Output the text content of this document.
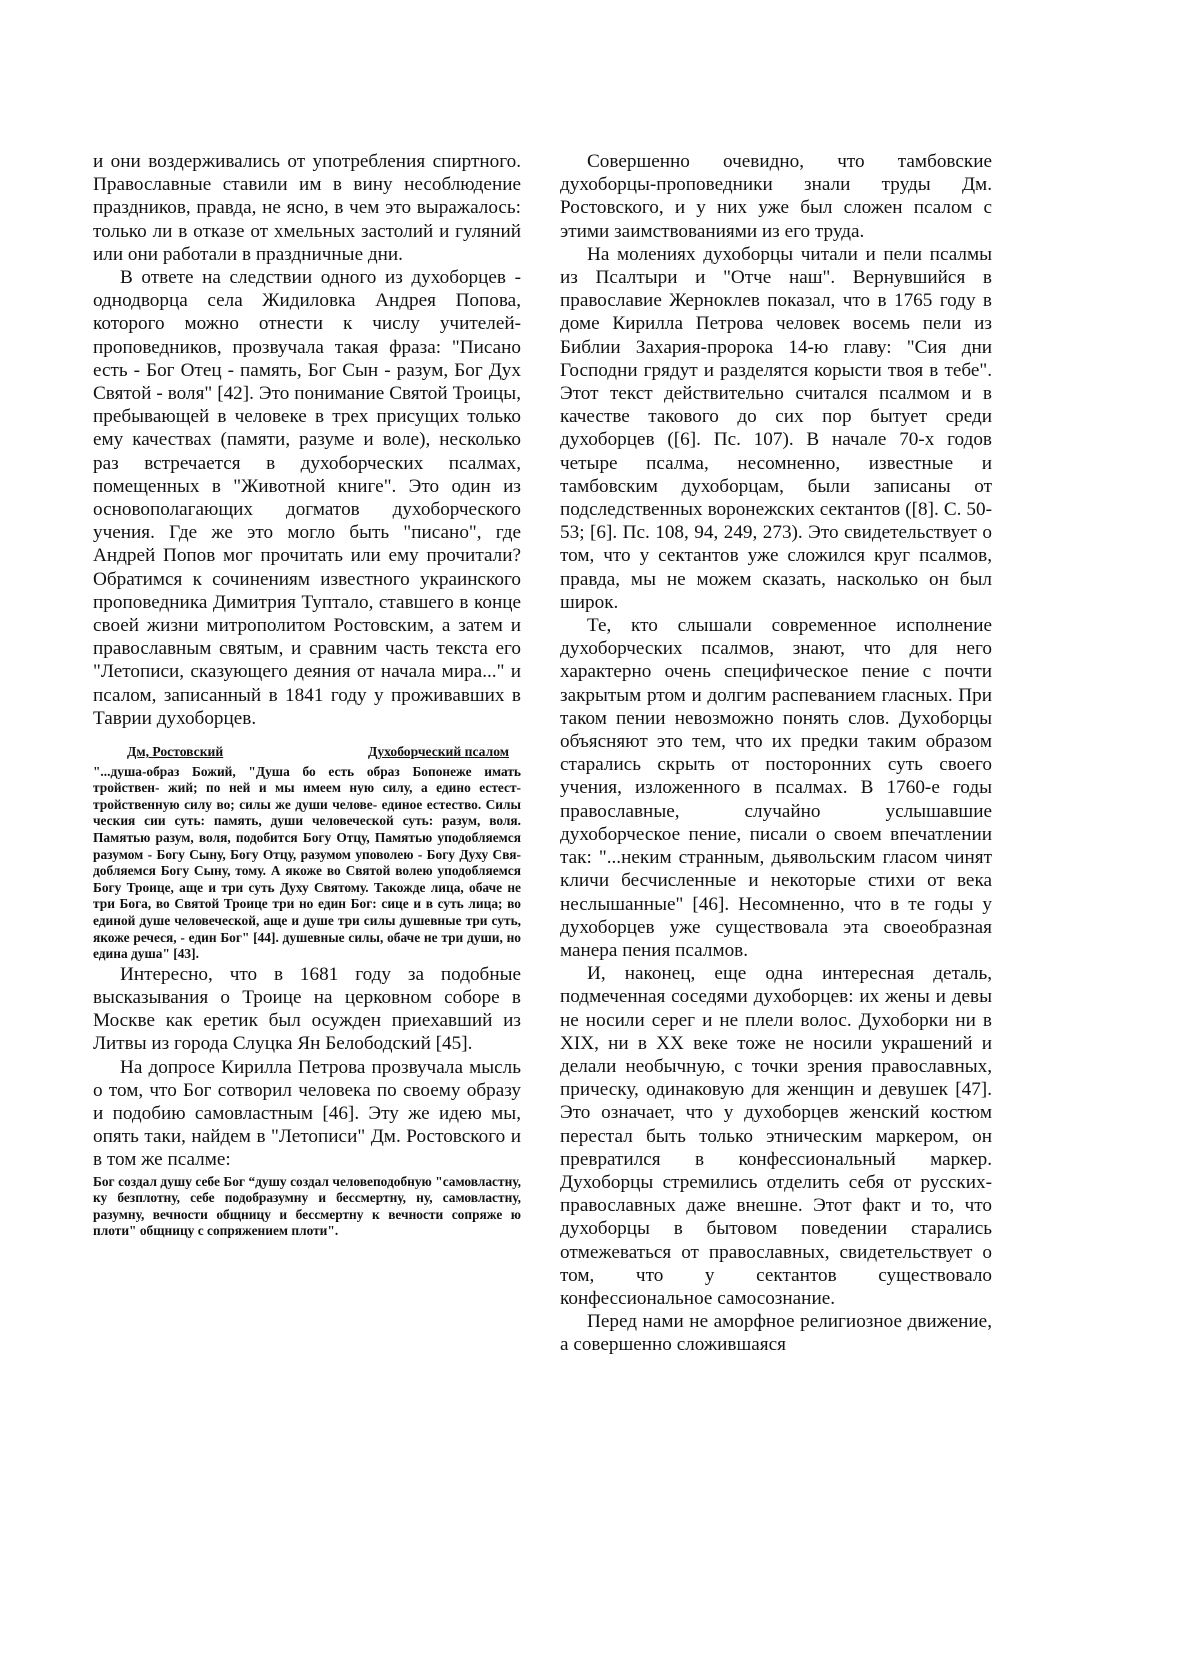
и они воздерживались от употребления спиртного. Православные ставили им в вину несоблюдение праздников, правда, не ясно, в чем это выражалось: только ли в отказе от хмельных застолий и гуляний или они работали в праздничные дни.

В ответе на следствии одного из духоборцев - однодворца села Жидиловка Андрея Попова, которого можно отнести к числу учителей-проповедников, прозвучала такая фраза: "Писано есть - Бог Отец - память, Бог Сын - разум, Бог Дух Святой - воля" [42]. Это понимание Святой Троицы, пребывающей в человеке в трех присущих только ему качествах (памяти, разуме и воле), несколько раз встречается в духоборческих псалмах, помещенных в "Животной книге". Это один из основополагающих догматов духоборческого учения. Где же это могло быть "писано", где Андрей Попов мог прочитать или ему прочитали? Обратимся к сочинениям известного украинского проповедника Димитрия Туптало, ставшего в конце своей жизни митрополитом Ростовским, а затем и православным святым, и сравним часть текста его "Летописи, сказующего деяния от начала мира..." и псалом, записанный в 1841 году у проживавших в Таврии духоборцев.

Дм, Ростовский	Духоборческий псалом
"...душа-образ Божий, "Душа бо есть образ Бопонеже имать тройствен- жий; по ней и мы имеем ную силу, а едино естест- тройственную силу во; силы же души челове- единое естество. Силы ческия сии суть: память, души человеческой суть: разум, воля. Памятью разум, воля, подобится Богу Отцу, Памятью уподобляемся разумом - Богу Сыну, Богу Отцу, разумом уповолею - Богу Духу Свя- добляемся Богу Сыну, тому. А якоже во Святой волею уподобляемся Богу Троице, аще и три суть Духу Святому. Такожде лица, обаче не три Бога, во Святой Троице три но един Бог: сице и в суть лица; во единой душе человеческой, аще и душе три силы душевные три суть, якоже речеся, - един Бог" [44]. душевные силы, обаче не три души, но едина душа" [43].

Интересно, что в 1681 году за подобные высказывания о Троице на церковном соборе в Москве как еретик был осужден приехавший из Литвы из города Слуцка Ян Белободский [45].

На допросе Кирилла Петрова прозвучала мысль о том, что Бог сотворил человека по своему образу и подобию самовластным [46]. Эту же идею мы, опять таки, найдем в "Летописи" Дм. Ростовского и в том же псалме:

Бог создал душу себе Бог “душу создал человеподобную "самовластну, ку безплотну, себе подобразумну и бессмертну, ну, самовластну, разумну, вечности общницу и бессмертну к вечности сопряже ю плоти" общницу с сопряжением плоти".

Совершенно очевидно, что тамбовские духоборцы-проповедники знали труды Дм. Ростовского, и у них уже был сложен псалом с этими заимствованиями из его труда.

На молениях духоборцы читали и пели псалмы из Псалтыри и "Отче наш". Вернувшийся в православие Жерноклев показал, что в 1765 году в доме Кирилла Петрова человек восемь пели из Библии Захария-пророка 14-ю главу: "Сия дни Господни грядут и разделятся корысти твоя в тебе". Этот текст действительно считался псалмом и в качестве такового до сих пор бытует среди духоборцев ([6]. Пс. 107). В начале 70-х годов четыре псалма, несомненно, известные и тамбовским духоборцам, были записаны от подследственных воронежских сектантов ([8]. С. 50-53; [6]. Пс. 108, 94, 249, 273). Это свидетельствует о том, что у сектантов уже сложился круг псалмов, правда, мы не можем сказать, насколько он был широк.

Те, кто слышали современное исполнение духоборческих псалмов, знают, что для него характерно очень специфическое пение с почти закрытым ртом и долгим распеванием гласных. При таком пении невозможно понять слов. Духоборцы объясняют это тем, что их предки таким образом старались скрыть от посторонних суть своего учения, изложенного в псалмах. В 1760-е годы православные, случайно услышавшие духоборческое пение, писали о своем впечатлении так: "...неким странным, дьявольским гласом чинят кличи бесчисленные и некоторые стихи от века неслышанные" [46]. Несомненно, что в те годы у духоборцев уже существовала эта своеобразная манера пения псалмов.

И, наконец, еще одна интересная деталь, подмеченная соседями духоборцев: их жены и девы не носили серег и не плели волос. Духоборки ни в XIX, ни в XX веке тоже не носили украшений и делали необычную, с точки зрения православных, прическу, одинаковую для женщин и девушек [47]. Это означает, что у духоборцев женский костюм перестал быть только этническим маркером, он превратился в конфессиональный маркер. Духоборцы стремились отделить себя от русских-православных даже внешне. Этот факт и то, что духоборцы в бытовом поведении старались отмежеваться от православных, свидетельствует о том, что у сектантов существовало конфессиональное самосознание.

Перед нами не аморфное религиозное движение, а совершенно сложившаяся
